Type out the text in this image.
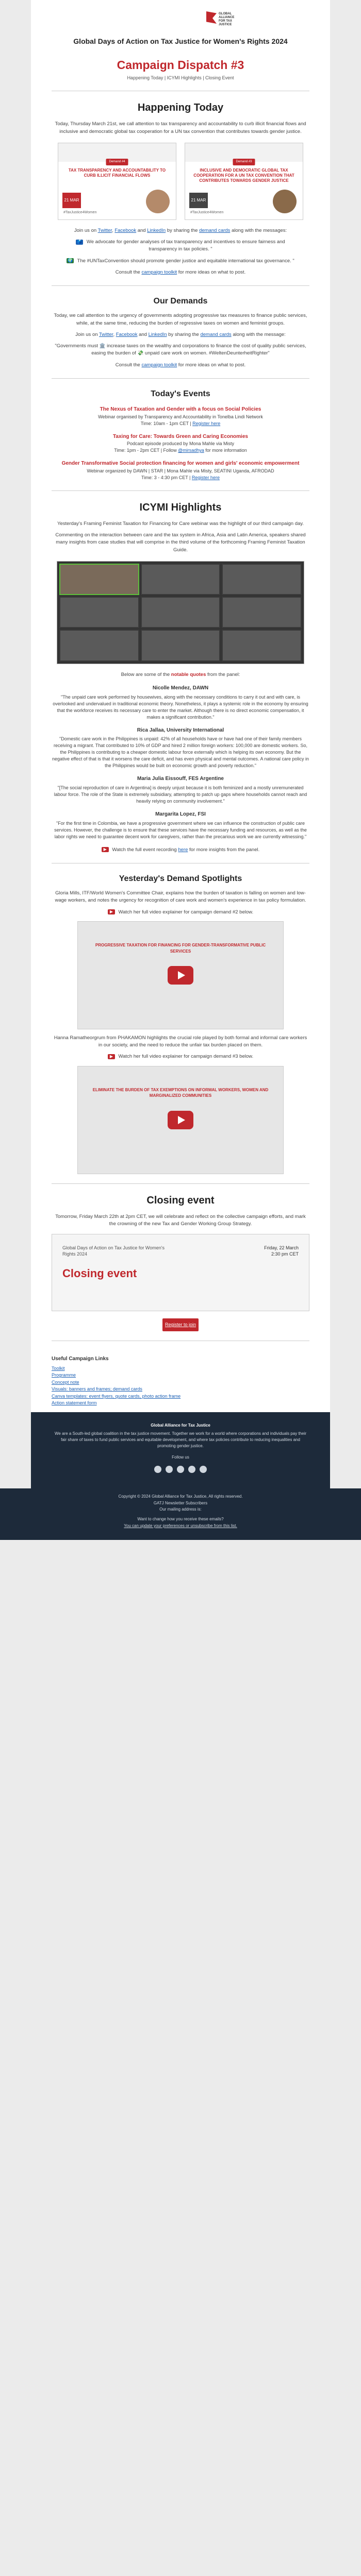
GLOBAL ALLIANCE FOR TAX JUSTICE
Global Days of Action on Tax Justice for Women's Rights 2024
Campaign Dispatch #3
Happening Today | ICYMI Highlights | Closing Event
Happening Today

Today, Thursday March 21st, we call attention to tax transparency and accountability to curb illicit financial flows and inclusive and democratic global tax cooperation for a UN tax convention that contributes towards gender justice.

Demand #4
TAX TRANSPARENCY AND ACCOUNTABILITY TO CURB ILLICIT FINANCIAL FLOWS
21 MAR
#TaxJustice4Women
Demand #3
INCLUSIVE AND DEMOCRATIC GLOBAL TAX COOPERATION FOR A UN TAX CONVENTION THAT CONTRIBUTES TOWARDS GENDER JUSTICE
21 MAR
#TaxJustice4Women

Join us on Twitter, Facebook and LinkedIn by sharing the demand cards along with the messages:

🗳️ We advocate for gender analyses of tax transparency and incentives to ensure fairness and transparency in tax policies. "
🌍 The #UNTaxConvention should promote gender justice and equitable international tax governance. "

Consult the campaign toolkit for more ideas on what to post.

Our Demands

Today, we call attention to the urgency of governments adopting progressive tax measures to finance public services, while, at the same time, reducing the burden of regressive taxes on women and feminist groups.

Join us on Twitter, Facebook and LinkedIn by sharing the demand cards along with the message:

"Governments must 🏛️ increase taxes on the wealthy and corporations to finance the cost of quality public services, easing the burden of 💸 unpaid care work on women. #WeltenDeunterheitRighter"

Consult the campaign toolkit for more ideas on what to post.

Today's Events
The Nexus of Taxation and Gender with a focus on Social Policies
Webinar organised by Transparency and Accountability in Tonelba Lindi Network
Time: 10am - 1pm CET | Register here
Taxing for Care: Towards Green and Caring Economies
Podcast episode produced by Mona Mahle via Misty
Time: 1pm - 2pm CET | Follow @mirsadhya for more information
Gender Transformative Social protection financing for women and girls' economic empowerment
Webinar organized by DAWN | STAR | Mona Mahle via Misty, SEATINI Uganda, AFRODAD
Time: 3 - 4:30 pm CET | Register here
ICYMI Highlights

Yesterday's Framing Feminist Taxation for Financing for Care webinar was the highlight of our third campaign day.

Commenting on the interaction between care and the tax system in Africa, Asia and Latin America, speakers shared many insights from case studies that will comprise in the third volume of the forthcoming Framing Feminist Taxation Guide.

Below are some of the notable quotes from the panel:

Nicolle Mendez, DAWN
"The unpaid care work performed by housewives, along with the necessary conditions to carry it out and with care, is overlooked and undervalued in traditional economic theory. Nonetheless, it plays a systemic role in the economy by ensuring that the workforce receives its necessary care to enter the market. Although there is no direct economic compensation, it makes a significant contribution."
Rica Jallaa, University International
"Domestic care work in the Philippines is unpaid: 42% of all households have or have had one of their family members receiving a migrant. That contributed to 10% of GDP and hired 2 million foreign workers: 100,000 are domestic workers. So, the Philippines is contributing to a cheaper domestic labour force externally which is helping its own economy. But the negative effect of that is that it worsens the care deficit, and has even physical and mental outcomes. A national care policy in the Philippines would be built on economic growth and poverty reduction."
Maria Julia Eissouff, FES Argentine
"[The social reproduction of care in Argentina] is deeply unjust because it is both feminized and a mostly unremunerated labour force. The role of the State is extremely subsidiary, attempting to patch up gaps where households cannot reach and heavily relying on community involvement."
Margarita Lopez, FSI
"For the first time in Colombia, we have a progressive government where we can influence the construction of public care services. However, the challenge is to ensure that these services have the necessary funding and resources, as well as the labor rights we need to guarantee decent work for caregivers, rather than the precarious work we are currently witnessing."

▶ Watch the full event recording here for more insights from the panel.

Yesterday's Demand Spotlights

Gloria Mills, ITF/World Women's Committee Chair, explains how the burden of taxation is falling on women and low-wage workers, and notes the urgency for recognition of care work and women's experience in tax policy formulation.

▶ Watch her full video explainer for campaign demand #2 below.

PROGRESSIVE TAXATION FOR FINANCING FOR GENDER-TRANSFORMATIVE PUBLIC SERVICES

Hanna Ramatheorgrum from PHAKAMON highlights the crucial role played by both formal and informal care workers in our society, and the need to reduce the unfair tax burden placed on them.

▶ Watch her full video explainer for campaign demand #3 below.

ELIMINATE THE BURDEN OF TAX EXEMPTIONS ON INFORMAL WORKERS, WOMEN AND MARGINALIZED COMMUNITIES
Closing event

Tomorrow, Friday March 22th at 2pm CET, we will celebrate and reflect on the collective campaign efforts, and mark the crowning of the new Tax and Gender Working Group Strategy.

Global Days of Action on Tax Justice for Women's Rights 2024
Closing event
Friday, 22 March
2:30 pm CET
Register to join
Useful Campaign Links
Toolkit
Programme
Concept note
Visuals: banners and frames; demand cards
Canva templates: event flyers, quote cards, photo action frame
Action statement form
Global Alliance for Tax Justice
We are a South-led global coalition in the tax justice movement. Together we work for a world where corporations and individuals pay their fair share of taxes to fund public services and equitable development, and where tax policies contribute to reducing inequalities and promoting gender justice.
Follow us
Copyright © 2024 Global Alliance for Tax Justice, All rights reserved.
GATJ Newsletter Subscribers
Our mailing address is:
Want to change how you receive these emails?
You can update your preferences or unsubscribe from this list.
